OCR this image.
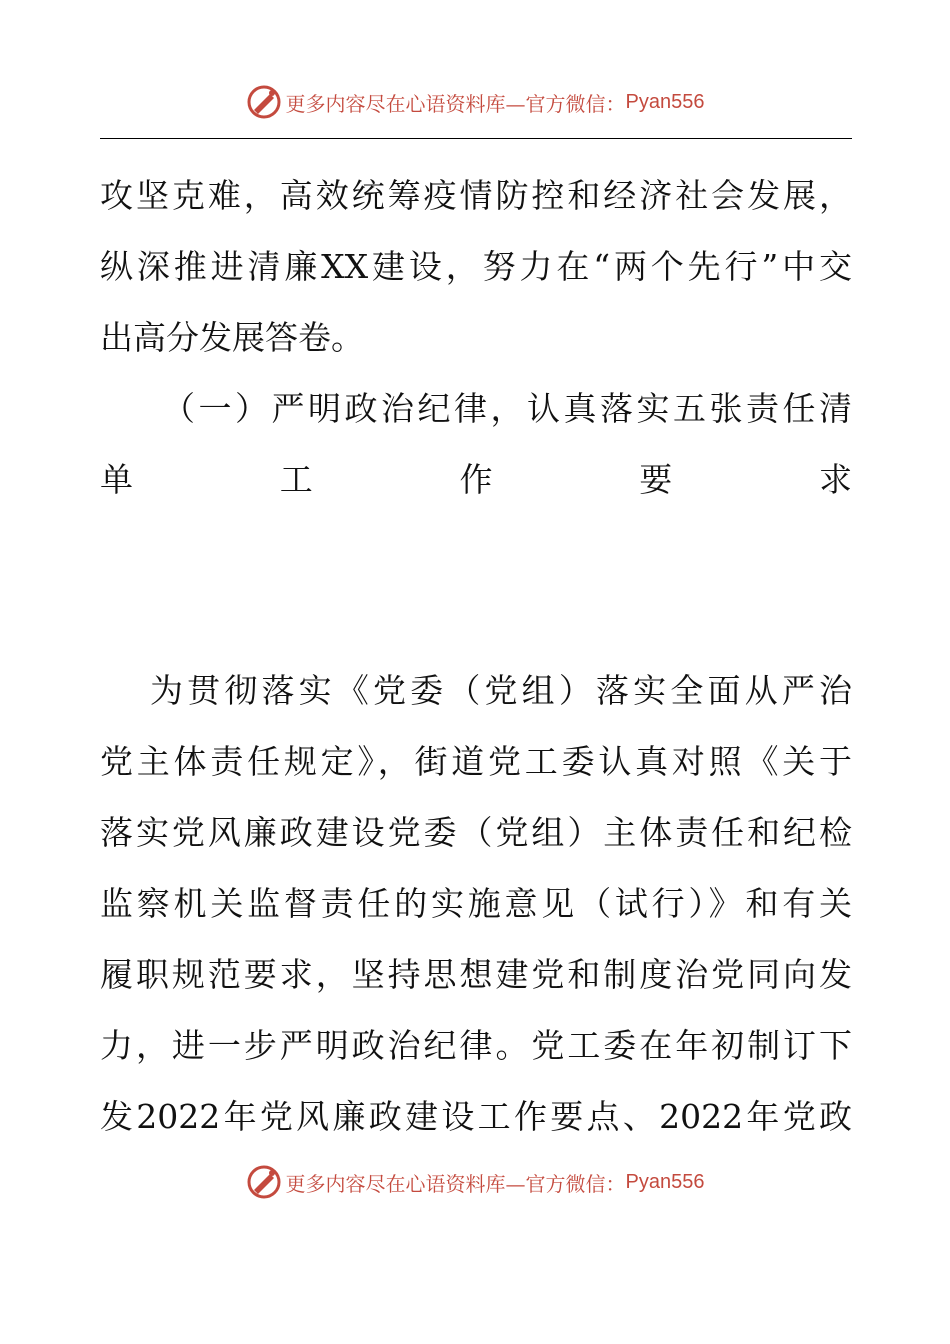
更多内容尽在心语资料库—官方微信： Pyan556
攻坚克难，高效统筹疫情防控和经济社会发展，
纵深推进清廉XX建设，努力在“两个先行”中交
出高分发展答卷。
（一）严明政治纪律，认真落实五张责任清
单	工	作	要	求
为贯彻落实《党委（党组）落实全面从严治
党主体责任规定》，街道党工委认真对照《关于
落实党风廉政建设党委（党组）主体责任和纪检
监察机关监督责任的实施意见（试行）》和有关
履职规范要求，坚持思想建党和制度治党同向发
力，进一步严明政治纪律。党工委在年初制订下
发2022年党风廉政建设工作要点、2022年党政
更多内容尽在心语资料库—官方微信： Pyan556
